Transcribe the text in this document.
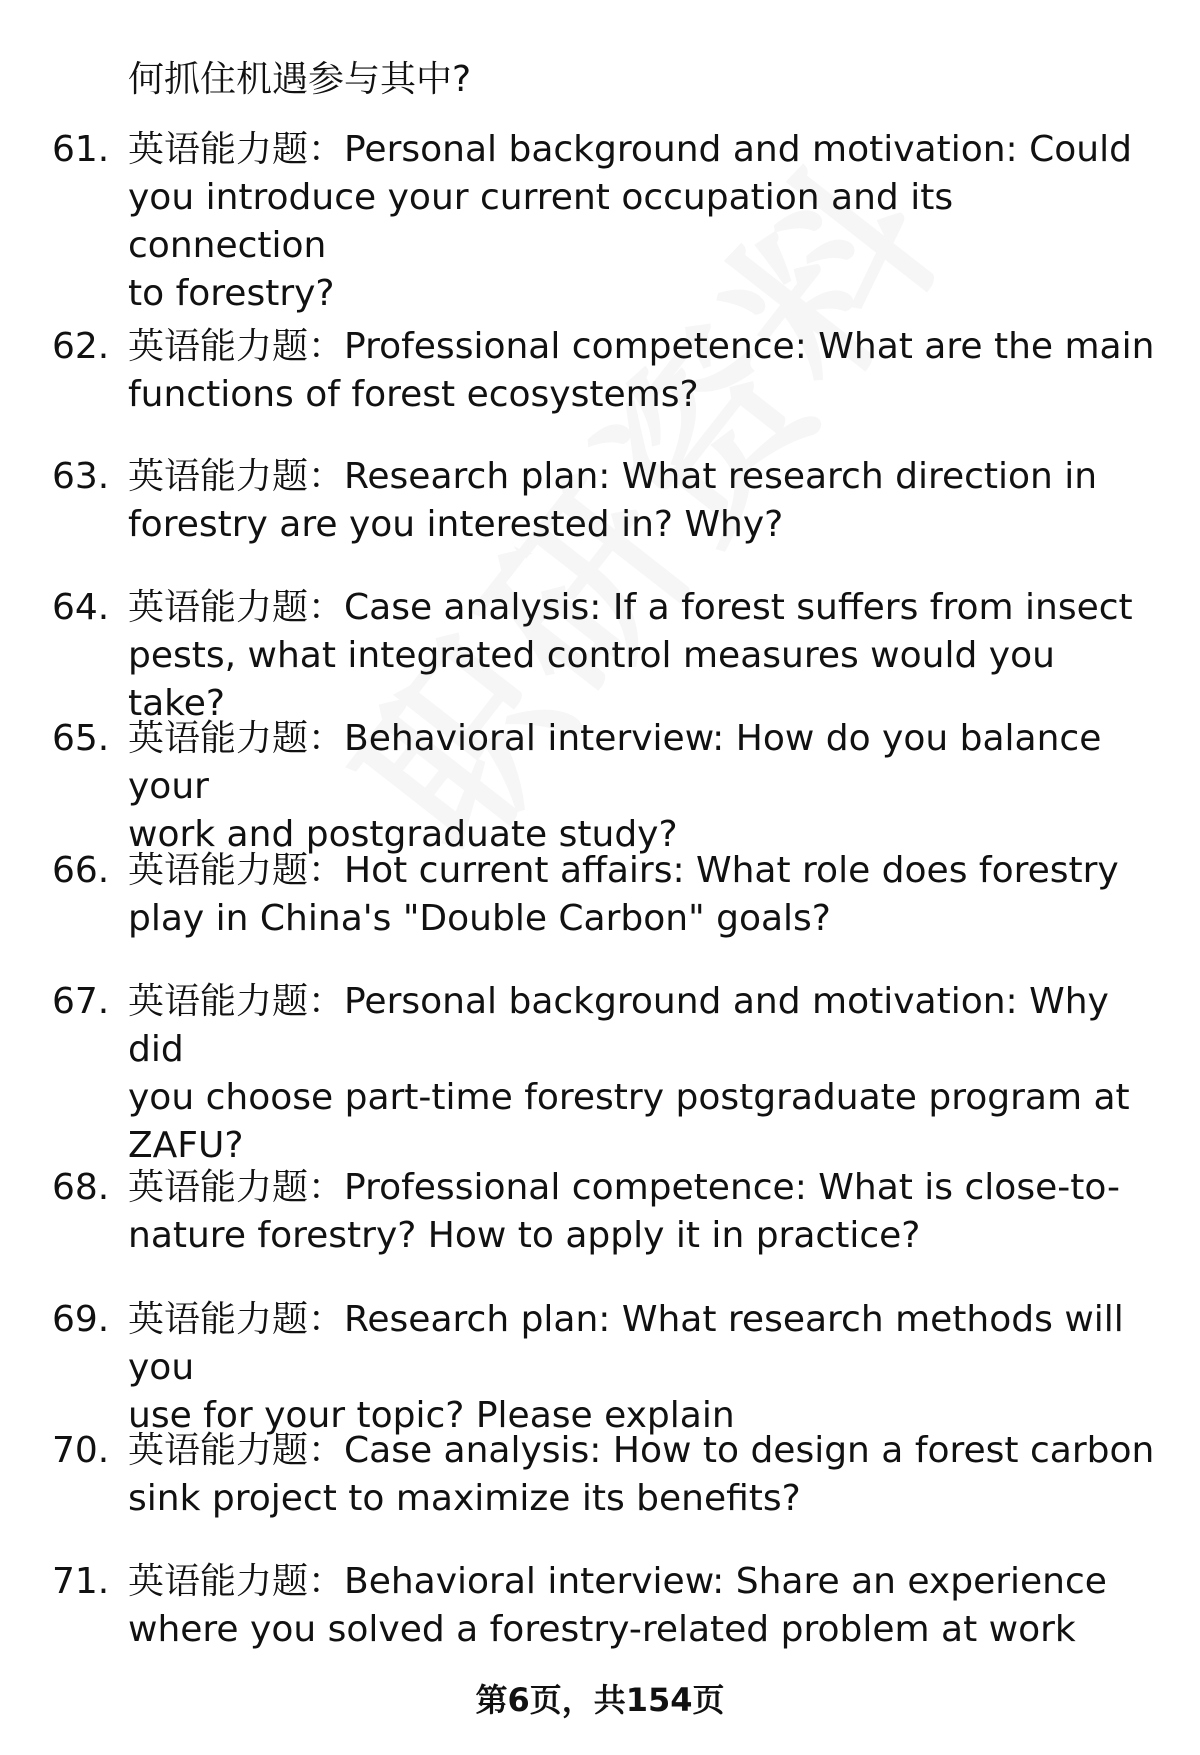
何抓住机遇参与其中?
61. 英语能力题：Personal background and motivation: Could
you introduce your current occupation and its connection
to forestry?
62. 英语能力题：Professional competence: What are the main
functions of forest ecosystems?
63. 英语能力题：Research plan: What research direction in
forestry are you interested in? Why?
64. 英语能力题：Case analysis: If a forest suffers from insect
pests, what integrated control measures would you take?
65. 英语能力题：Behavioral interview: How do you balance your
work and postgraduate study?
66. 英语能力题：Hot current affairs: What role does forestry
play in China's "Double Carbon" goals?
67. 英语能力题：Personal background and motivation: Why did
you choose part-time forestry postgraduate program at
ZAFU?
68. 英语能力题：Professional competence: What is close-to-
nature forestry? How to apply it in practice?
69. 英语能力题：Research plan: What research methods will you
use for your topic? Please explain
70. 英语能力题：Case analysis: How to design a forest carbon
sink project to maximize its benefits?
71. 英语能力题：Behavioral interview: Share an experience
where you solved a forestry-related problem at work
第6页，共154页
